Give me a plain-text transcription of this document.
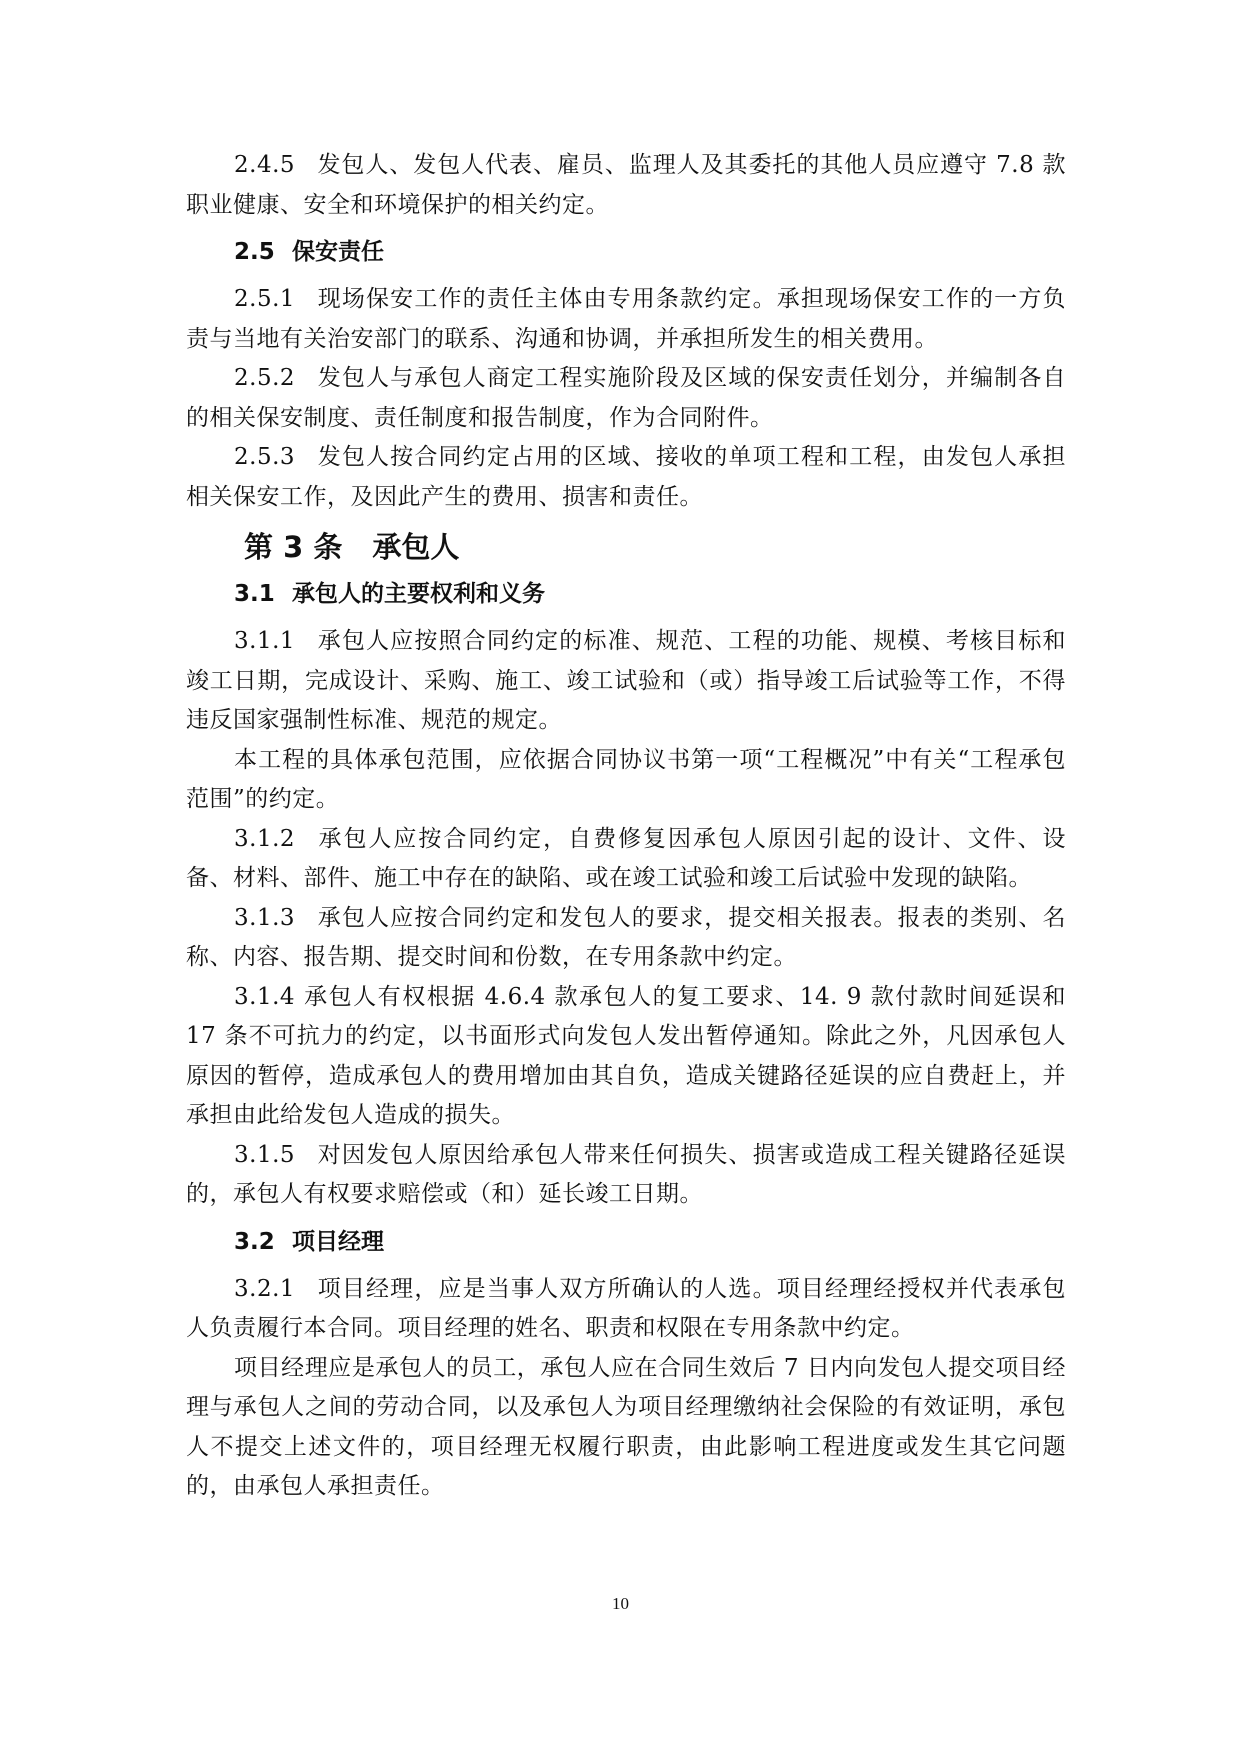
2.4.5 发包人、发包人代表、雇员、监理人及其委托的其他人员应遵守 7.8 款职业健康、安全和环境保护的相关约定。

2.5 保安责任

2.5.1 现场保安工作的责任主体由专用条款约定。承担现场保安工作的一方负责与当地有关治安部门的联系、沟通和协调，并承担所发生的相关费用。

2.5.2 发包人与承包人商定工程实施阶段及区域的保安责任划分，并编制各自的相关保安制度、责任制度和报告制度，作为合同附件。

2.5.3 发包人按合同约定占用的区域、接收的单项工程和工程，由发包人承担相关保安工作，及因此产生的费用、损害和责任。

第 3 条 承包人
3.1 承包人的主要权利和义务

3.1.1 承包人应按照合同约定的标准、规范、工程的功能、规模、考核目标和竣工日期，完成设计、采购、施工、竣工试验和（或）指导竣工后试验等工作，不得违反国家强制性标准、规范的规定。

本工程的具体承包范围，应依据合同协议书第一项“工程概况”中有关“工程承包范围”的约定。

3.1.2 承包人应按合同约定，自费修复因承包人原因引起的设计、文件、设备、材料、部件、施工中存在的缺陷、或在竣工试验和竣工后试验中发现的缺陷。

3.1.3 承包人应按合同约定和发包人的要求，提交相关报表。报表的类别、名称、内容、报告期、提交时间和份数，在专用条款中约定。

3.1.4 承包人有权根据 4.6.4 款承包人的复工要求、14. 9 款付款时间延误和 17 条不可抗力的约定，以书面形式向发包人发出暂停通知。除此之外，凡因承包人原因的暂停，造成承包人的费用增加由其自负，造成关键路径延误的应自费赶上，并承担由此给发包人造成的损失。

3.1.5 对因发包人原因给承包人带来任何损失、损害或造成工程关键路径延误的，承包人有权要求赔偿或（和）延长竣工日期。

3.2 项目经理

3.2.1 项目经理，应是当事人双方所确认的人选。项目经理经授权并代表承包人负责履行本合同。项目经理的姓名、职责和权限在专用条款中约定。

项目经理应是承包人的员工，承包人应在合同生效后 7 日内向发包人提交项目经理与承包人之间的劳动合同，以及承包人为项目经理缴纳社会保险的有效证明，承包人不提交上述文件的，项目经理无权履行职责，由此影响工程进度或发生其它问题的，由承包人承担责任。

10
